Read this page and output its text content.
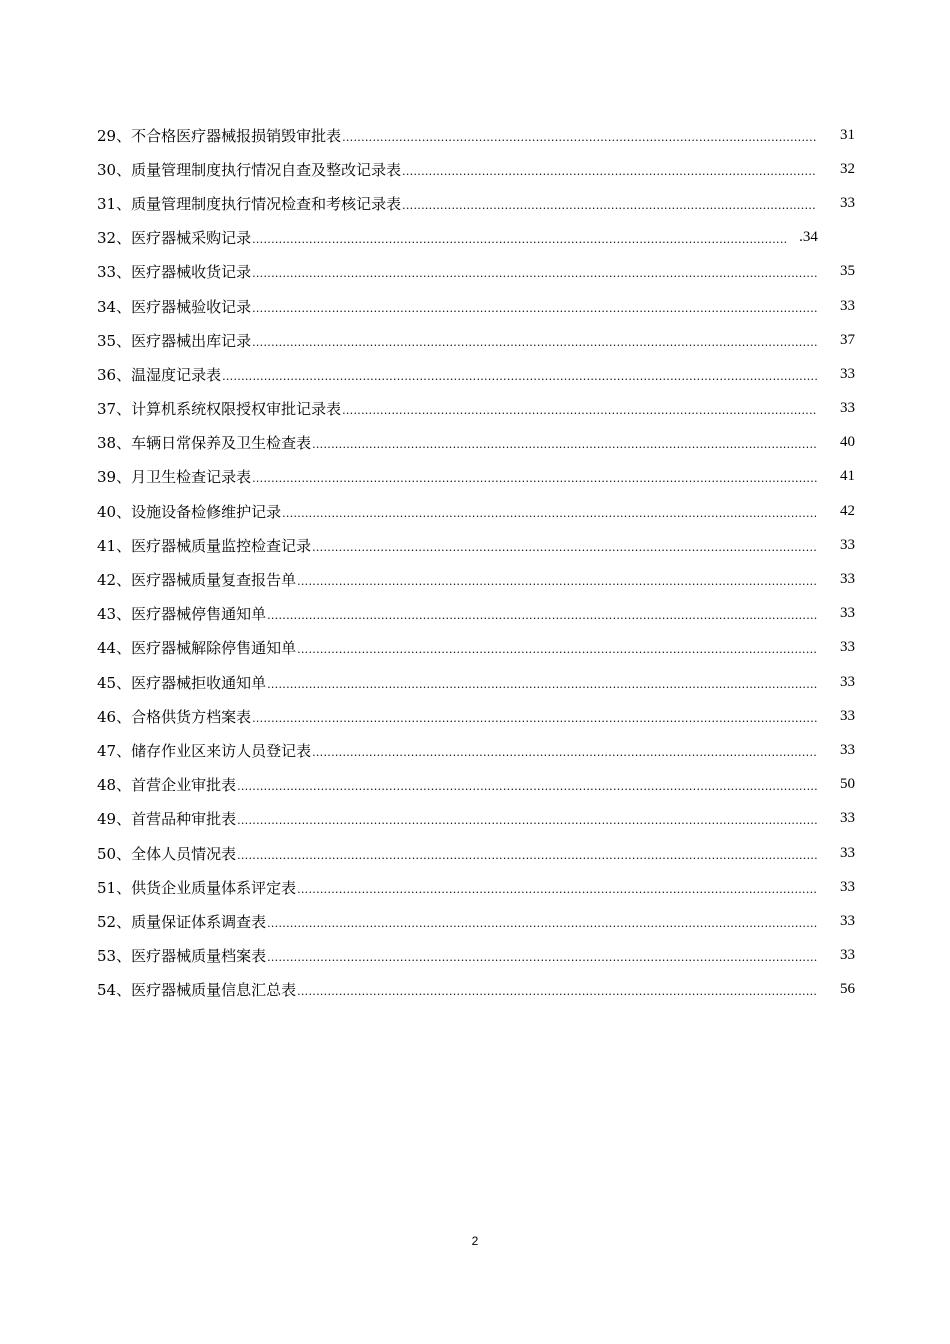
29、不合格医疗器械报损销毁审批表 .....	31
30、质量管理制度执行情况自查及整改记录表 .....	32
31、质量管理制度执行情况检查和考核记录表 .....	33
32、医疗器械采购记录 .....	.34
33、医疗器械收货记录 .....	35
34、医疗器械验收记录 .....	33
35、医疗器械出库记录 .....	37
36、温湿度记录表 .....	33
37、计算机系统权限授权审批记录表 .....	33
38、车辆日常保养及卫生检查表 .....	40
39、月卫生检查记录表 .....	41
40、设施设备检修维护记录 .....	42
41、医疗器械质量监控检查记录 .....	33
42、医疗器械质量复查报告单 .....	33
43、医疗器械停售通知单 .....	33
44、医疗器械解除停售通知单 .....	33
45、医疗器械拒收通知单 .....	33
46、合格供货方档案表 .....	33
47、储存作业区来访人员登记表 .....	33
48、首营企业审批表 .....	50
49、首营品种审批表 .....	33
50、全体人员情况表 .....	33
51、供货企业质量体系评定表 .....	33
52、质量保证体系调查表 .....	33
53、医疗器械质量档案表 .....	33
54、医疗器械质量信息汇总表 .....	56
2
